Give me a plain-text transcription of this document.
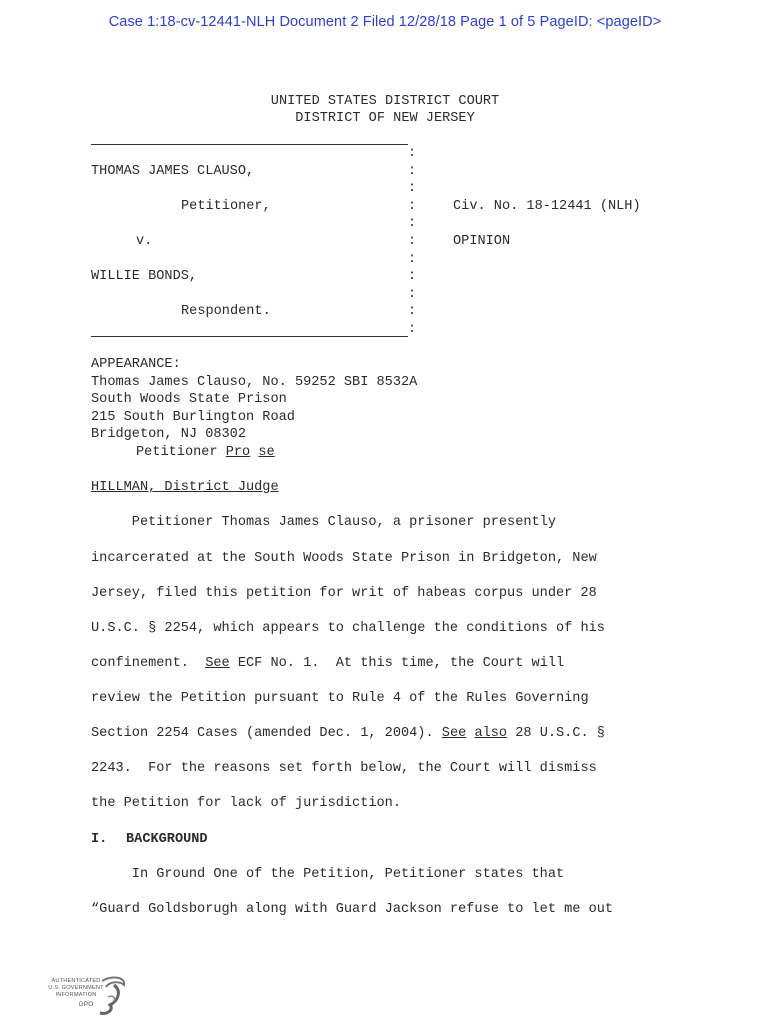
Case 1:18-cv-12441-NLH Document 2 Filed 12/28/18 Page 1 of 5 PageID: <pageID>
UNITED STATES DISTRICT COURT
DISTRICT OF NEW JERSEY
:
THOMAS JAMES CLAUSO,	:
:
Petitioner,	:	Civ. No. 18-12441 (NLH)
:
v.	:	OPINION
:
WILLIE BONDS,	:
:
Respondent.	:
:
APPEARANCE:
Thomas James Clauso, No. 59252 SBI 8532A
South Woods State Prison
215 South Burlington Road
Bridgeton, NJ 08302
Petitioner Pro se
HILLMAN, District Judge
Petitioner Thomas James Clauso, a prisoner presently
incarcerated at the South Woods State Prison in Bridgeton, New
Jersey, filed this petition for writ of habeas corpus under 28
U.S.C. § 2254, which appears to challenge the conditions of his
confinement.  See ECF No. 1.  At this time, the Court will
review the Petition pursuant to Rule 4 of the Rules Governing
Section 2254 Cases (amended Dec. 1, 2004). See also 28 U.S.C. §
2243.  For the reasons set forth below, the Court will dismiss
the Petition for lack of jurisdiction.
I. BACKGROUND
In Ground One of the Petition, Petitioner states that
“Guard Goldsborugh along with Guard Jackson refuse to let me out
AUTHENTICATED
U.S. GOVERNMENT
INFORMATION
GPO
